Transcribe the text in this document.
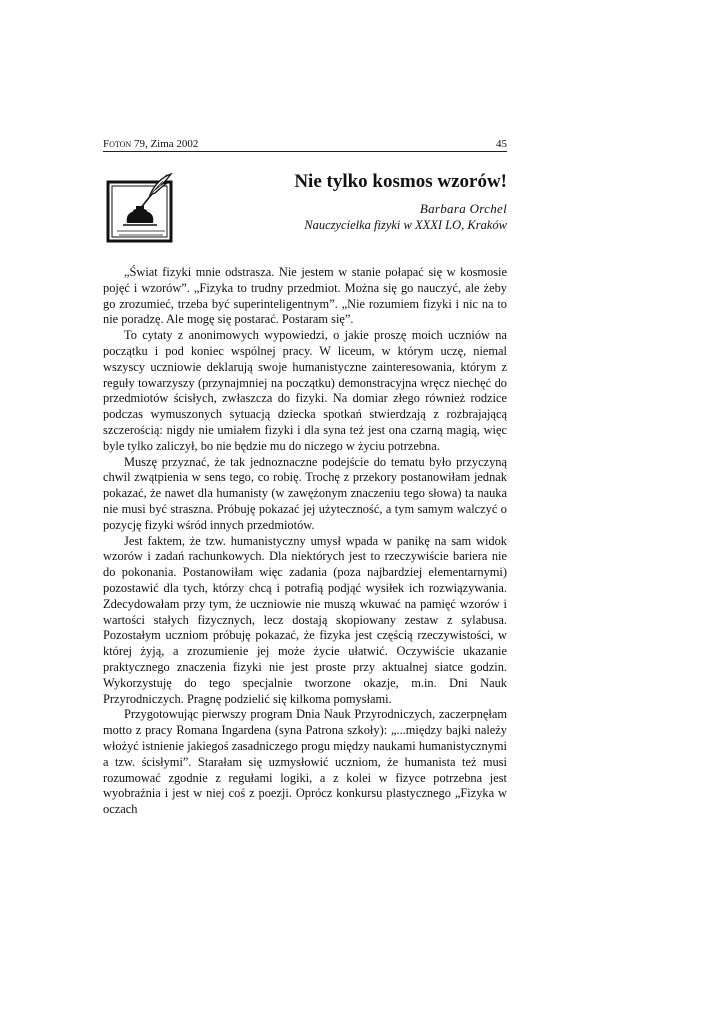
Foton 79, Zima 2002	45
Nie tylko kosmos wzorów!
Barbara Orchel
Nauczycielka fizyki w XXXI LO, Kraków

„Świat fizyki mnie odstrasza. Nie jestem w stanie połapać się w kosmosie pojęć i wzorów”. „Fizyka to trudny przedmiot. Można się go nauczyć, ale żeby go zrozumieć, trzeba być superinteligentnym”. „Nie rozumiem fizyki i nic na to nie poradzę. Ale mogę się postarać. Postaram się”.

To cytaty z anonimowych wypowiedzi, o jakie proszę moich uczniów na początku i pod koniec wspólnej pracy. W liceum, w którym uczę, niemal wszyscy uczniowie deklarują swoje humanistyczne zainteresowania, którym z reguły towarzyszy (przynajmniej na początku) demonstracyjna wręcz niechęć do przedmiotów ścisłych, zwłaszcza do fizyki. Na domiar złego również rodzice podczas wymuszonych sytuacją dziecka spotkań stwierdzają z rozbrajającą szczerością: nigdy nie umiałem fizyki i dla syna też jest ona czarną magią, więc byle tylko zaliczył, bo nie będzie mu do niczego w życiu potrzebna.

Muszę przyznać, że tak jednoznaczne podejście do tematu było przyczyną chwil zwątpienia w sens tego, co robię. Trochę z przekory postanowiłam jednak pokazać, że nawet dla humanisty (w zawężonym znaczeniu tego słowa) ta nauka nie musi być straszna. Próbuję pokazać jej użyteczność, a tym samym walczyć o pozycję fizyki wśród innych przedmiotów.

Jest faktem, że tzw. humanistyczny umysł wpada w panikę na sam widok wzorów i zadań rachunkowych. Dla niektórych jest to rzeczywiście bariera nie do pokonania. Postanowiłam więc zadania (poza najbardziej elementarnymi) pozostawić dla tych, którzy chcą i potrafią podjąć wysiłek ich rozwiązywania. Zdecydowałam przy tym, że uczniowie nie muszą wkuwać na pamięć wzorów i wartości stałych fizycznych, lecz dostają skopiowany zestaw z sylabusa. Pozostałym uczniom próbuję pokazać, że fizyka jest częścią rzeczywistości, w której żyją, a zrozumienie jej może życie ułatwić. Oczywiście ukazanie praktycznego znaczenia fizyki nie jest proste przy aktualnej siatce godzin. Wykorzystuję do tego specjalnie tworzone okazje, m.in. Dni Nauk Przyrodniczych. Pragnę podzielić się kilkoma pomysłami.

Przygotowując pierwszy program Dnia Nauk Przyrodniczych, zaczerpnęłam motto z pracy Romana Ingardena (syna Patrona szkoły): „...między bajki należy włożyć istnienie jakiegoś zasadniczego progu między naukami humanistycznymi a tzw. ścisłymi”. Starałam się uzmysłowić uczniom, że humanista też musi rozumować zgodnie z regułami logiki, a z kolei w fizyce potrzebna jest wyobraźnia i jest w niej coś z poezji. Oprócz konkursu plastycznego „Fizyka w oczach
